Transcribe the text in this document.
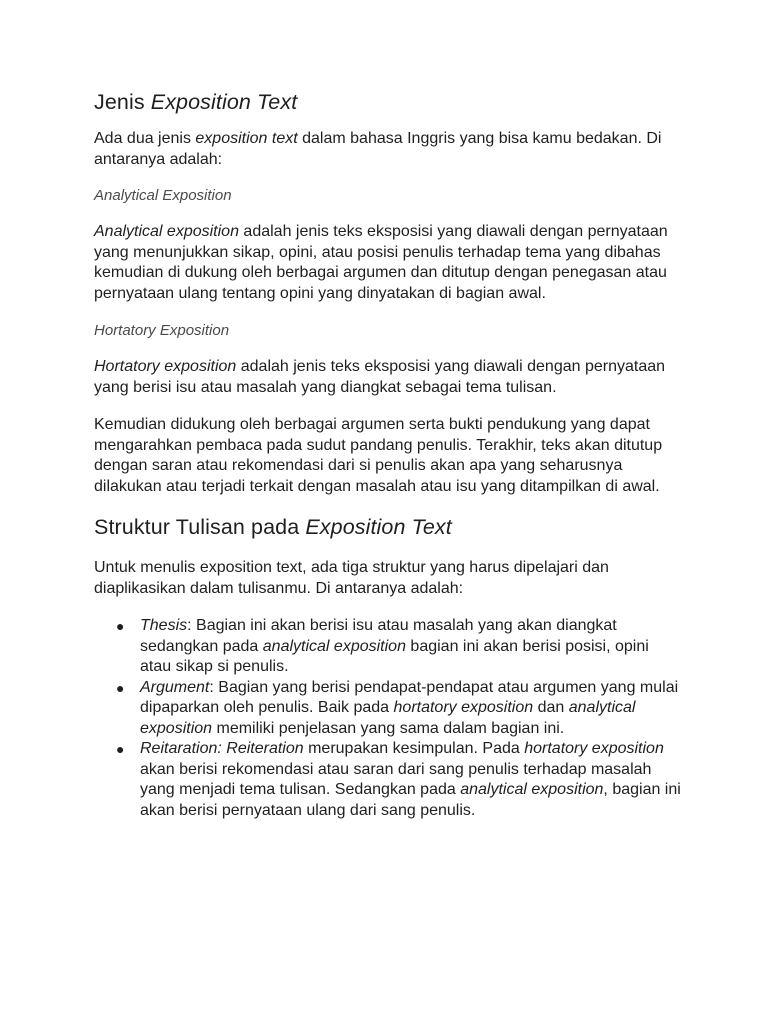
Jenis Exposition Text

Ada dua jenis exposition text dalam bahasa Inggris yang bisa kamu bedakan. Di antaranya adalah:

Analytical Exposition

Analytical exposition adalah jenis teks eksposisi yang diawali dengan pernyataan yang menunjukkan sikap, opini, atau posisi penulis terhadap tema yang dibahas kemudian di dukung oleh berbagai argumen dan ditutup dengan penegasan atau pernyataan ulang tentang opini yang dinyatakan di bagian awal.

Hortatory Exposition

Hortatory exposition adalah jenis teks eksposisi yang diawali dengan pernyataan yang berisi isu atau masalah yang diangkat sebagai tema tulisan.

Kemudian didukung oleh berbagai argumen serta bukti pendukung yang dapat mengarahkan pembaca pada sudut pandang penulis. Terakhir, teks akan ditutup dengan saran atau rekomendasi dari si penulis akan apa yang seharusnya dilakukan atau terjadi terkait dengan masalah atau isu yang ditampilkan di awal.

Struktur Tulisan pada Exposition Text

Untuk menulis exposition text, ada tiga struktur yang harus dipelajari dan diaplikasikan dalam tulisanmu. Di antaranya adalah:

● Thesis: Bagian ini akan berisi isu atau masalah yang akan diangkat sedangkan pada analytical exposition bagian ini akan berisi posisi, opini atau sikap si penulis.
● Argument: Bagian yang berisi pendapat-pendapat atau argumen yang mulai dipaparkan oleh penulis. Baik pada hortatory exposition dan analytical exposition memiliki penjelasan yang sama dalam bagian ini.
● Reitaration: Reiteration merupakan kesimpulan. Pada hortatory exposition akan berisi rekomendasi atau saran dari sang penulis terhadap masalah yang menjadi tema tulisan. Sedangkan pada analytical exposition, bagian ini akan berisi pernyataan ulang dari sang penulis.
